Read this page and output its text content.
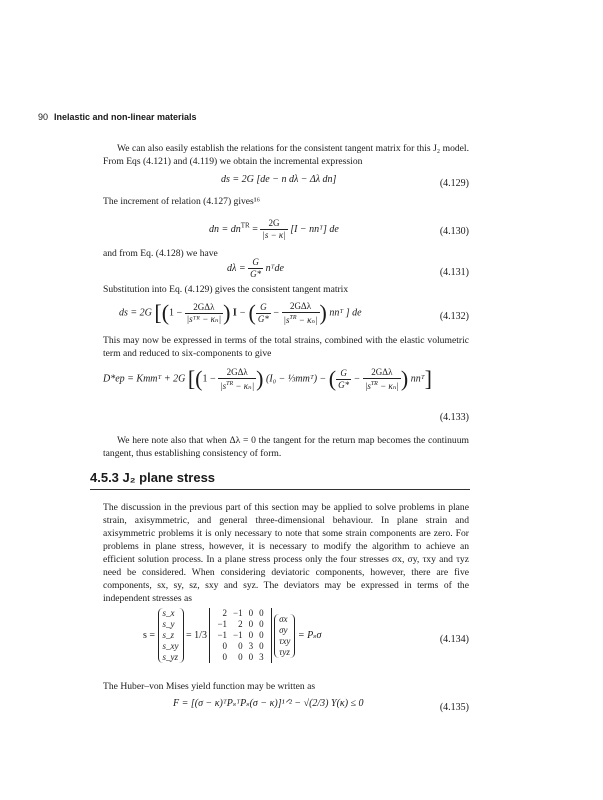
90 Inelastic and non-linear materials
We can also easily establish the relations for the consistent tangent matrix for this J₂ model. From Eqs (4.121) and (4.119) we obtain the incremental expression
ds = 2G [de − n dλ − Δλ dn]	(4.129)
The increment of relation (4.127) gives¹⁶
dn = $dn^{TR} = \frac{2G}{|s - \kappa|} [I$ − nnᵀ] de	(4.130)
and from Eq. (4.128) we have
$d\lambda = \frac{G}{G*}$ nᵀde	(4.131)
Substitution into Eq. (4.129) gives the consistent tangent matrix
ds = 2G [($1 - \frac{\text{2GΔλ}}{\text{|sᵀᴿ − κₙ|}}$ ) I − ( $\frac{G}{G*} - \frac{\text{2GΔλ}}{|s^{TR} - \kappa_n|}$ ) nnᵀ ] de	(4.132)
This may now be expressed in terms of the total strains, combined with the elastic volumetric term and reduced to six-components to give
D*ep = Kmmᵀ + 2G [($1 - \frac{\text{2GΔλ}}{|s^{TR} - \kappa_n|}$ ) (I₀ − ⅓mmᵀ) − ( $\frac{G}{G*} - \frac{\text{2GΔλ}}{|s^{TR} - \kappa_n|}$ ) nnᵀ]
(4.133)
We here note also that when Δλ = 0 the tangent for the return map becomes the continuum tangent, thus establishing consistency of form.
4.5.3 J₂ plane stress
The discussion in the previous part of this section may be applied to solve problems in plane strain, axisymmetric, and general three-dimensional behaviour. In plane strain and axisymmetric problems it is only necessary to note that some strain components are zero. For problems in plane stress, however, it is necessary to modify the algorithm to achieve an efficient solution process. In a plane stress process only the four stresses σx, σy, τxy and τyz need be considered. When considering deviatoric components, however, there are five components, sx, sy, sz, sxy and syz. The deviators may be expressed in terms of the independent stresses as
s =
s_x
s_y
s_z
s_xy
s_yz
= 1/3
2	−1	0	0
−1	2	0	0
−1	−1	0	0
0	0	3	0
0	0	0	3

σx
σy
τxy
τyz
= Pₛσ	(4.134)
The Huber–von Mises yield function may be written as
F = [(σ − κ)ᵀPₛᵀPₛ(σ − κ)]¹ᐟ² − √(2/3) Y(κ) ≤ 0	(4.135)
